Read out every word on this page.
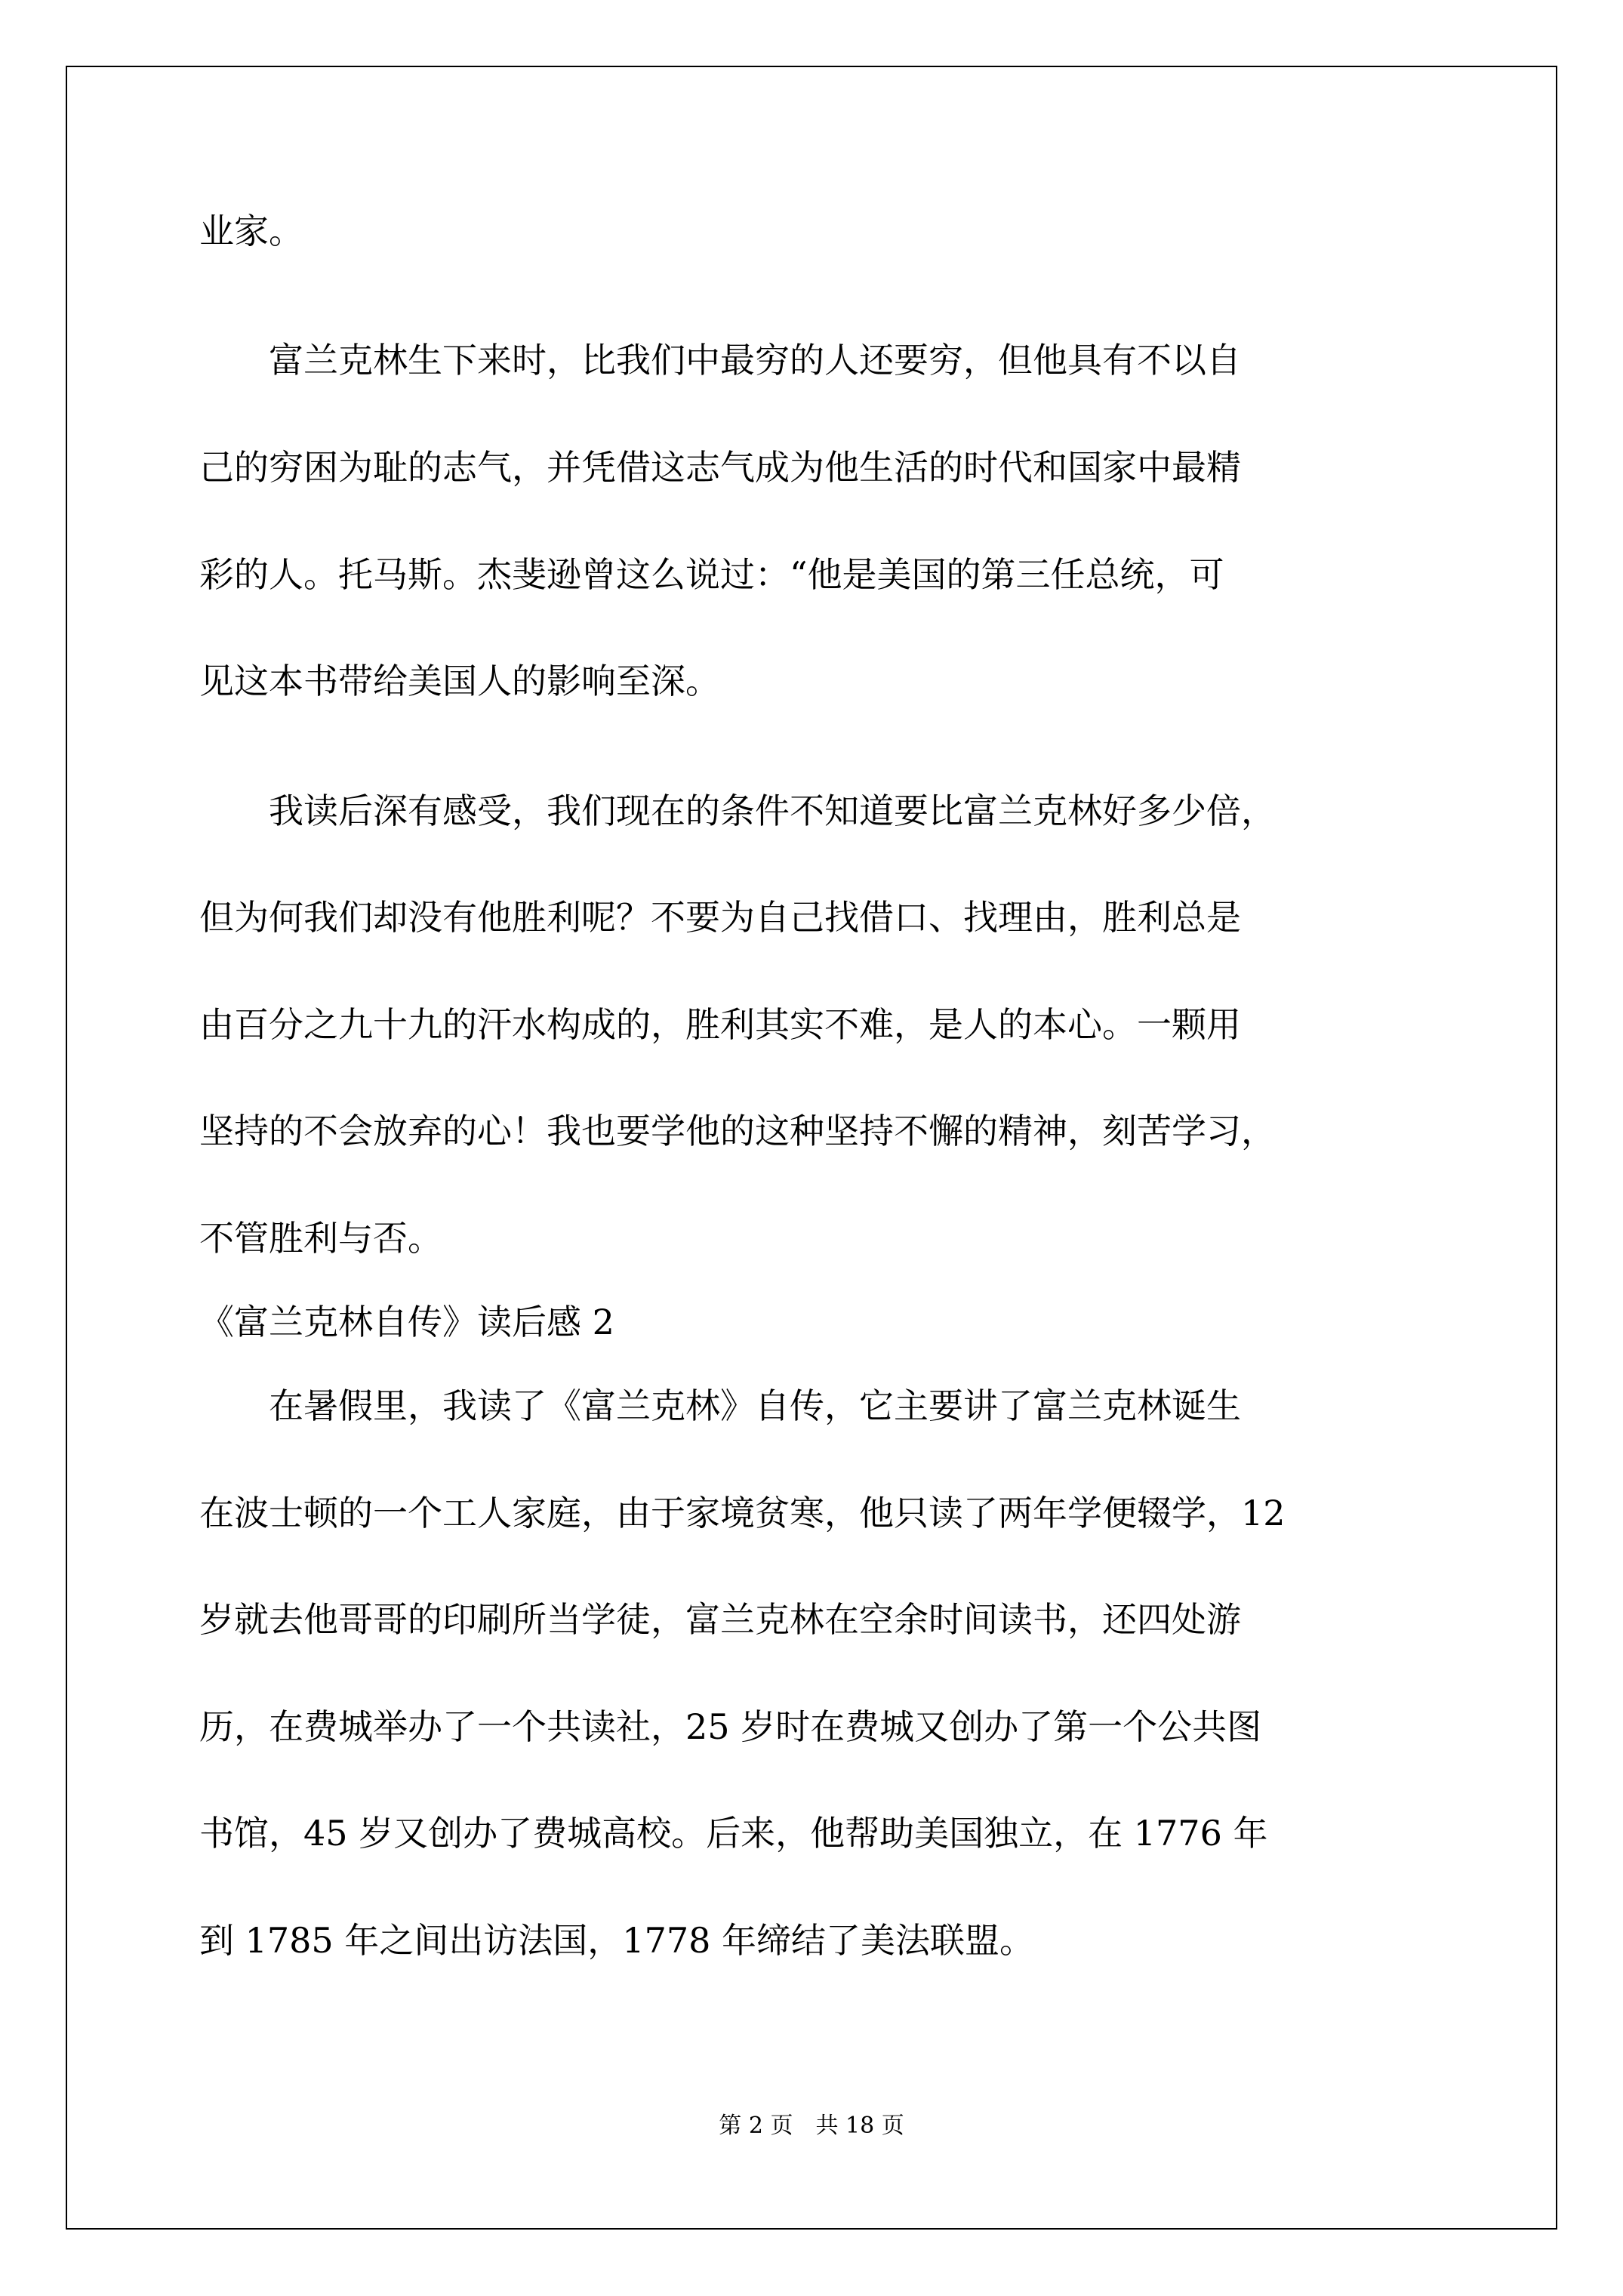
业家。
　　富兰克林生下来时，比我们中最穷的人还要穷，但他具有不以自
己的穷困为耻的志气，并凭借这志气成为他生活的时代和国家中最精
彩的人。托马斯。杰斐逊曾这么说过：“他是美国的第三任总统，可
见这本书带给美国人的影响至深。
　　我读后深有感受，我们现在的条件不知道要比富兰克林好多少倍，
但为何我们却没有他胜利呢？不要为自己找借口、找理由，胜利总是
由百分之九十九的汗水构成的，胜利其实不难，是人的本心。一颗用
坚持的不会放弃的心！我也要学他的这种坚持不懈的精神，刻苦学习，
不管胜利与否。
《富兰克林自传》读后感 2
　　在暑假里，我读了《富兰克林》自传，它主要讲了富兰克林诞生
在波士顿的一个工人家庭，由于家境贫寒，他只读了两年学便辍学，12
岁就去他哥哥的印刷所当学徒，富兰克林在空余时间读书，还四处游
历，在费城举办了一个共读社，25 岁时在费城又创办了第一个公共图
书馆，45 岁又创办了费城高校。后来，他帮助美国独立，在 1776 年
到 1785 年之间出访法国，1778 年缔结了美法联盟。
第 2 页　共 18 页
